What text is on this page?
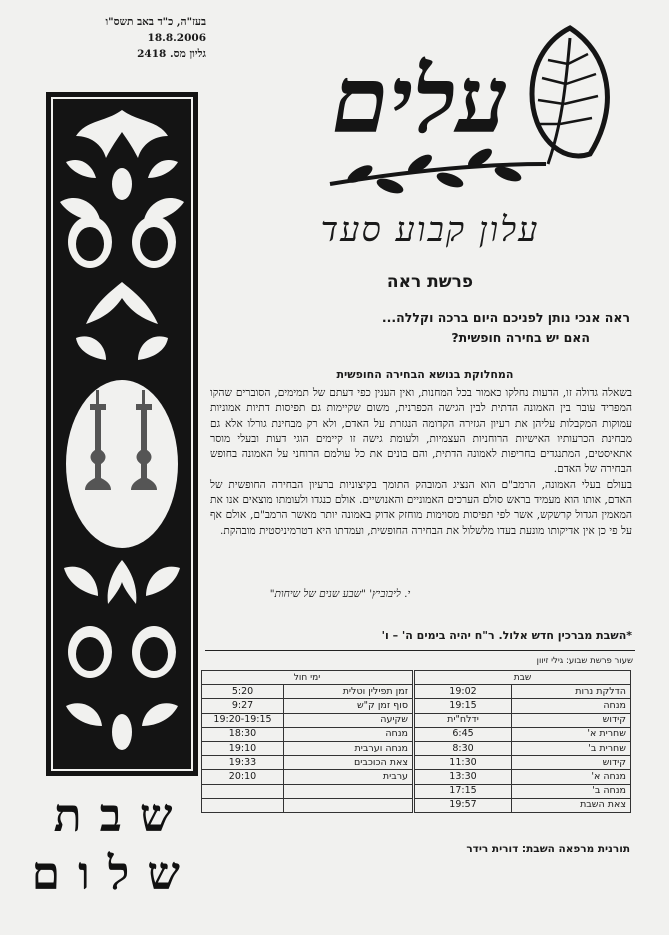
בעז"ה, כ"ד באב תשס"ו
18.8.2006
גליון מס. 2418
שבת
שלום
עלים
עלון קבוע סעד
פרשת ראה
ראה אנכי נותן לפניכם היום ברכה וקללה...
האם יש בחירה חופשית?
המחלוקת בנושא הבחירה החופשית

בשאלה גדולה זו, הדעות נחלקו כאמור בכל המחנות, ואין הענין כפי דעתם של תמימים, הסוברים שהקו המפריד עובר בין האמונה הדתית לבין הגישה הכפרנית, משום שקיימות גם תפיסות דתיות אמוניות עמוקות המקבלות עליהן את רעיון הגזירה הקדומה הנגזרת על האדם, ולא רק מבחינת גורלו אלא גם מבחינת הכרעותיו האישיות הרוחניות העצמיות, ולעומת גישה זו קיימים הוגי דעות ובעלי מוסר אתאיסטים, המתנגדים בחריפות לאמונה הדתית, והם בונים את כל עולמם הרוחני על האמונה בחופש הבחירה של האדם.

בעולם בעלי האמונה, הרמב"ם הוא הנציג המובהק התומך בקיצוניות ברעיון הבחירה החופשית של האדם, אותו הוא מעמיד בראש סולם הערכים האמוניים והאנושיים. אולם כנגדו ולעומתו מוצאים אנו את המאמין הגדול קרשקש, אשר לפי תפיסות מסוימות מוחזק אדוק באמונה יותר מאשר הרמב"ם, אולם אף על פי כן אין אדיקותו מונעת בעדו מלשלול את הבחירה החופשית, ועמדתו היא דטרמיניסטית מובהקת.

י. ליבוביץ' "שבע שנים של שיחות"
*השבת מברכין חדש אלול. ר"ח יהיה בימים ה' – ו'
שעור פרשת שבוע: גילי זיוון
שבת			ימי חול	
הדלקת נרות	19:02		זמן תפילין וטלית	5:20
מנחה	19:15		סוף זמן ק"ש	9:27
קידוש	ידלח"ית		שקיעה	19:20-19:15
שחרית א'	6:45		מנחה	18:30
שחרית ב'	8:30		מנחה וערבית	19:10
קידוש	11:30		צאת הכוכבים	19:33
מנחה א'	13:30		ערבית	20:10
מנחה ב'	17:15			
צאת השבת	19:57			
תורנית מרפאה השבת: דורית רידר
